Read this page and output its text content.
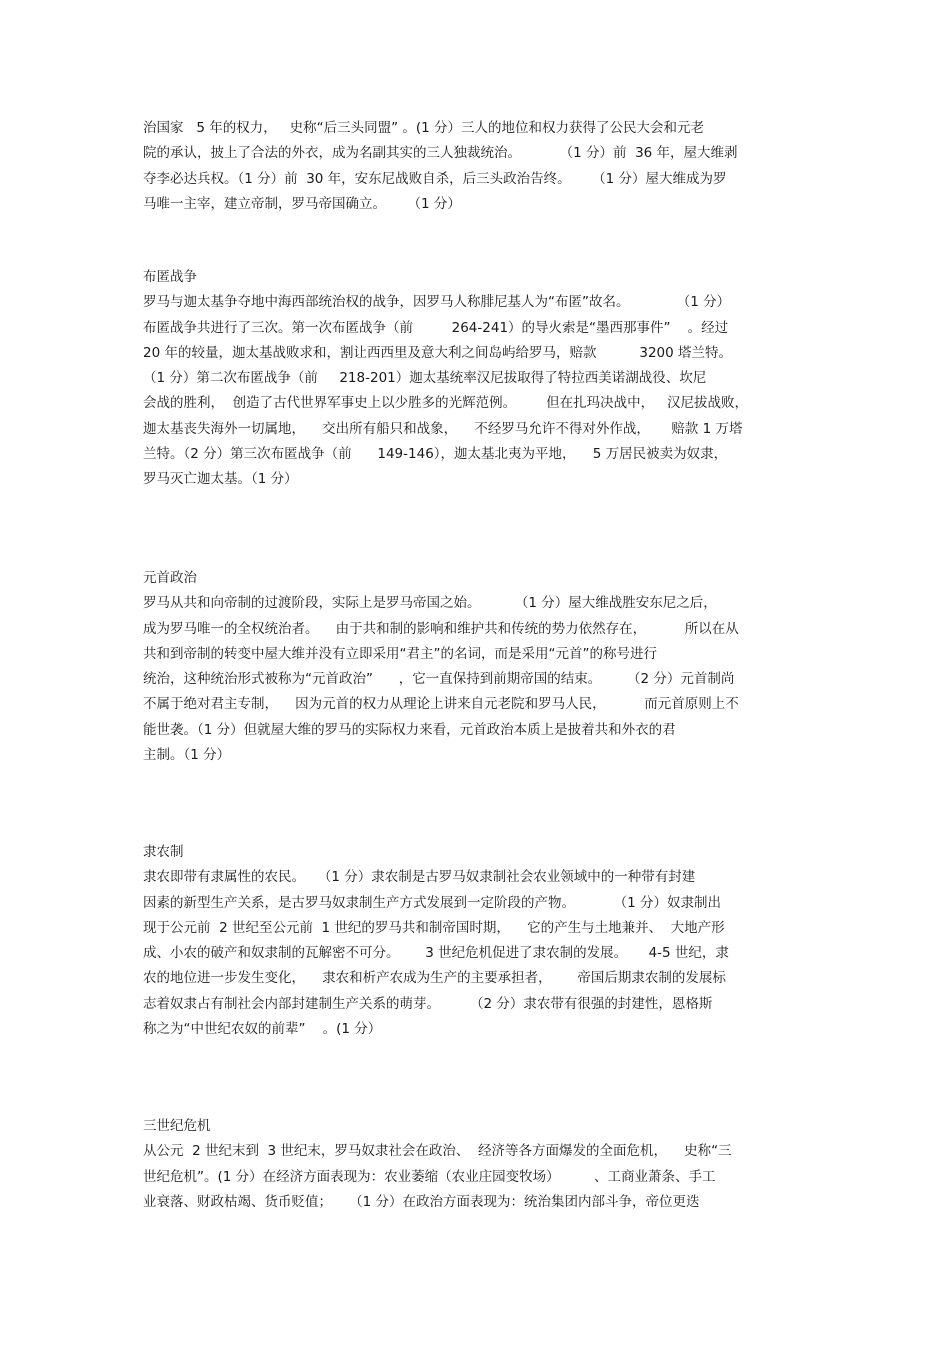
治国家   5 年的权力，   史称“后三头同盟” 。(1 分）三人的地位和权力获得了公民大会和元老
院的承认，披上了合法的外衣，成为名副其实的三人独裁统治。         （1 分）前  36 年，屋大维剥
夺李必达兵权。（1 分）前  30 年，安东尼战败自杀，后三头政治告终。     （1 分）屋大维成为罗
马唯一主宰，建立帝制，罗马帝国确立。     （1 分）
布匿战争
罗马与迦太基争夺地中海西部统治权的战争，因罗马人称腓尼基人为“布匿”故名。           （1 分）
布匿战争共进行了三次。第一次布匿战争（前         264-241）的导火索是“墨西那事件”    。经过
20 年的较量，迦太基战败求和，割让西西里及意大利之间岛屿给罗马，赔款          3200 塔兰特。
（1 分）第二次布匿战争（前     218-201）迦太基统率汉尼拔取得了特拉西美诺湖战役、坎尼
会战的胜利，  创造了古代世界军事史上以少胜多的光辉范例。       但在扎玛决战中，   汉尼拔战败，
迦太基丧失海外一切属地，    交出所有船只和战象，    不经罗马允许不得对外作战，     赔款 1 万塔
兰特。（2 分）第三次布匿战争（前      149-146），迦太基北夷为平地，    5 万居民被卖为奴隶，
罗马灭亡迦太基。（1 分）
元首政治
罗马从共和向帝制的过渡阶段，实际上是罗马帝国之始。        （1 分）屋大维战胜安东尼之后，
成为罗马唯一的全权统治者。    由于共和制的影响和维护共和传统的势力依然存在，         所以在从
共和到帝制的转变中屋大维并没有立即采用“君主”的名词，而是采用“元首”的称号进行
统治，这种统治形式被称为“元首政治”      ，它一直保持到前期帝国的结束。      （2 分）元首制尚
不属于绝对君主专制，    因为元首的权力从理论上讲来自元老院和罗马人民，         而元首原则上不
能世袭。（1 分）但就屋大维的罗马的实际权力来看，元首政治本质上是披着共和外衣的君
主制。（1 分）
隶农制
隶农即带有隶属性的农民。   （1 分）隶农制是古罗马奴隶制社会农业领域中的一种带有封建
因素的新型生产关系，是古罗马奴隶制生产方式发展到一定阶段的产物。         （1 分）奴隶制出
现于公元前  2 世纪至公元前  1 世纪的罗马共和制帝国时期，    它的产生与土地兼并、  大地产形
成、小农的破产和奴隶制的瓦解密不可分。      3 世纪危机促进了隶农制的发展。     4-5 世纪，隶
农的地位进一步发生变化，    隶农和析产农成为生产的主要承担者，      帝国后期隶农制的发展标
志着奴隶占有制社会内部封建制生产关系的萌芽。       （2 分）隶农带有很强的封建性，恩格斯
称之为“中世纪农奴的前辈”    。(1 分）
三世纪危机
从公元  2 世纪末到  3 世纪末，罗马奴隶社会在政治、  经济等各方面爆发的全面危机，    史称“三
世纪危机”。(1 分）在经济方面表现为：农业萎缩（农业庄园变牧场）        、工商业萧条、手工
业衰落、财政枯竭、货币贬值；    （1 分）在政治方面表现为：统治集团内部斗争，帝位更迭
